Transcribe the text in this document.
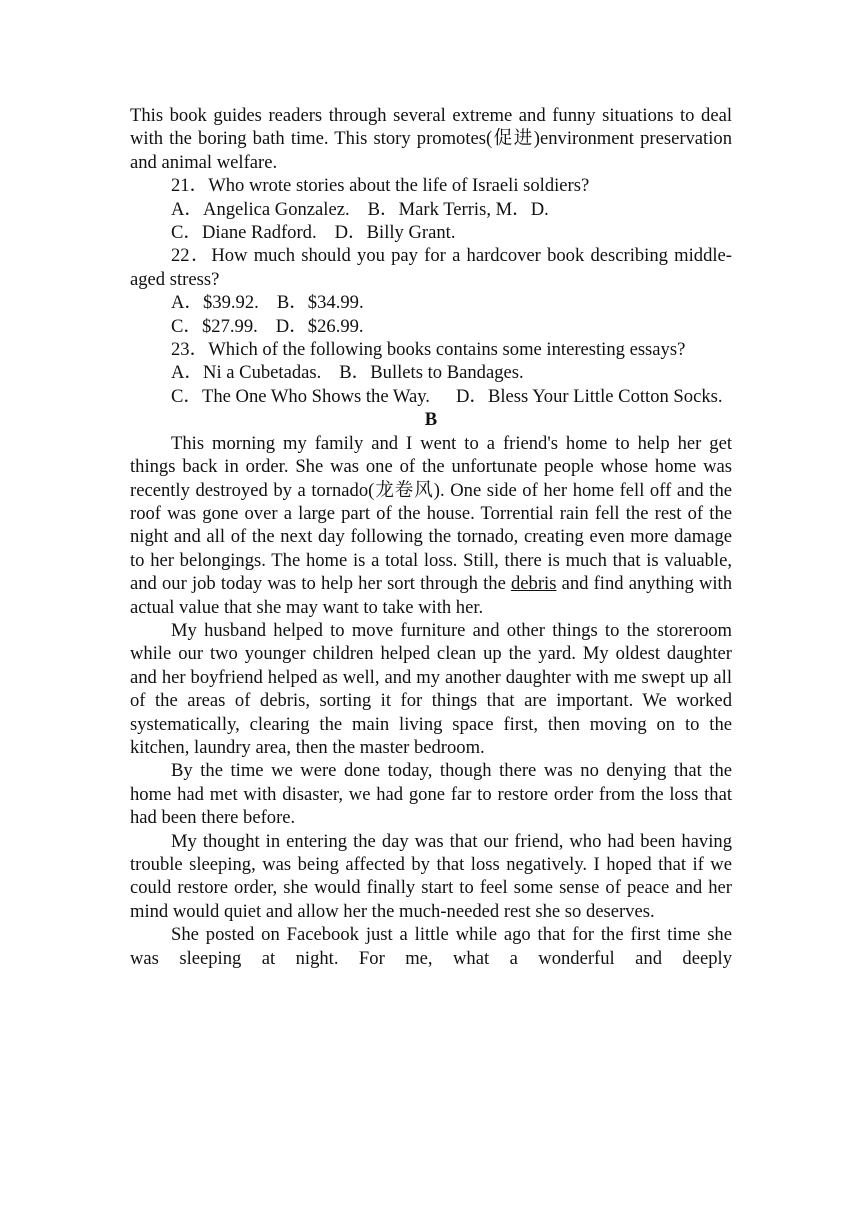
This book guides readers through several extreme and funny situations to deal with the boring bath time. This story promotes(促进)environment preservation and animal welfare.

21．Who wrote stories about the life of Israeli soldiers?

A．Angelica Gonzalez. B．Mark Terris, M．D.

C．Diane Radford. D．Billy Grant.

22．How much should you pay for a hardcover book describing middle-aged stress?

A．$39.92. B．$34.99.

C．$27.99. D．$26.99.

23．Which of the following books contains some interesting essays?

A．Ni a Cubetadas. B．Bullets to Bandages.

C．The One Who Shows the Way. D．Bless Your Little Cotton Socks.

B

This morning my family and I went to a friend's home to help her get things back in order. She was one of the unfortunate people whose home was recently destroyed by a tornado(龙卷风). One side of her home fell off and the roof was gone over a large part of the house. Torrential rain fell the rest of the night and all of the next day following the tornado, creating even more damage to her belongings. The home is a total loss. Still, there is much that is valuable, and our job today was to help her sort through the debris and find anything with actual value that she may want to take with her.

My husband helped to move furniture and other things to the storeroom while our two younger children helped clean up the yard. My oldest daughter and her boyfriend helped as well, and my another daughter with me swept up all of the areas of debris, sorting it for things that are important. We worked systematically, clearing the main living space first, then moving on to the kitchen, laundry area, then the master bedroom.

By the time we were done today, though there was no denying that the home had met with disaster, we had gone far to restore order from the loss that had been there before.

My thought in entering the day was that our friend, who had been having trouble sleeping, was being affected by that loss negatively. I hoped that if we could restore order, she would finally start to feel some sense of peace and her mind would quiet and allow her the much-needed rest she so deserves.

She posted on Facebook just a little while ago that for the first time she was sleeping at night. For me, what a wonderful and deeply
